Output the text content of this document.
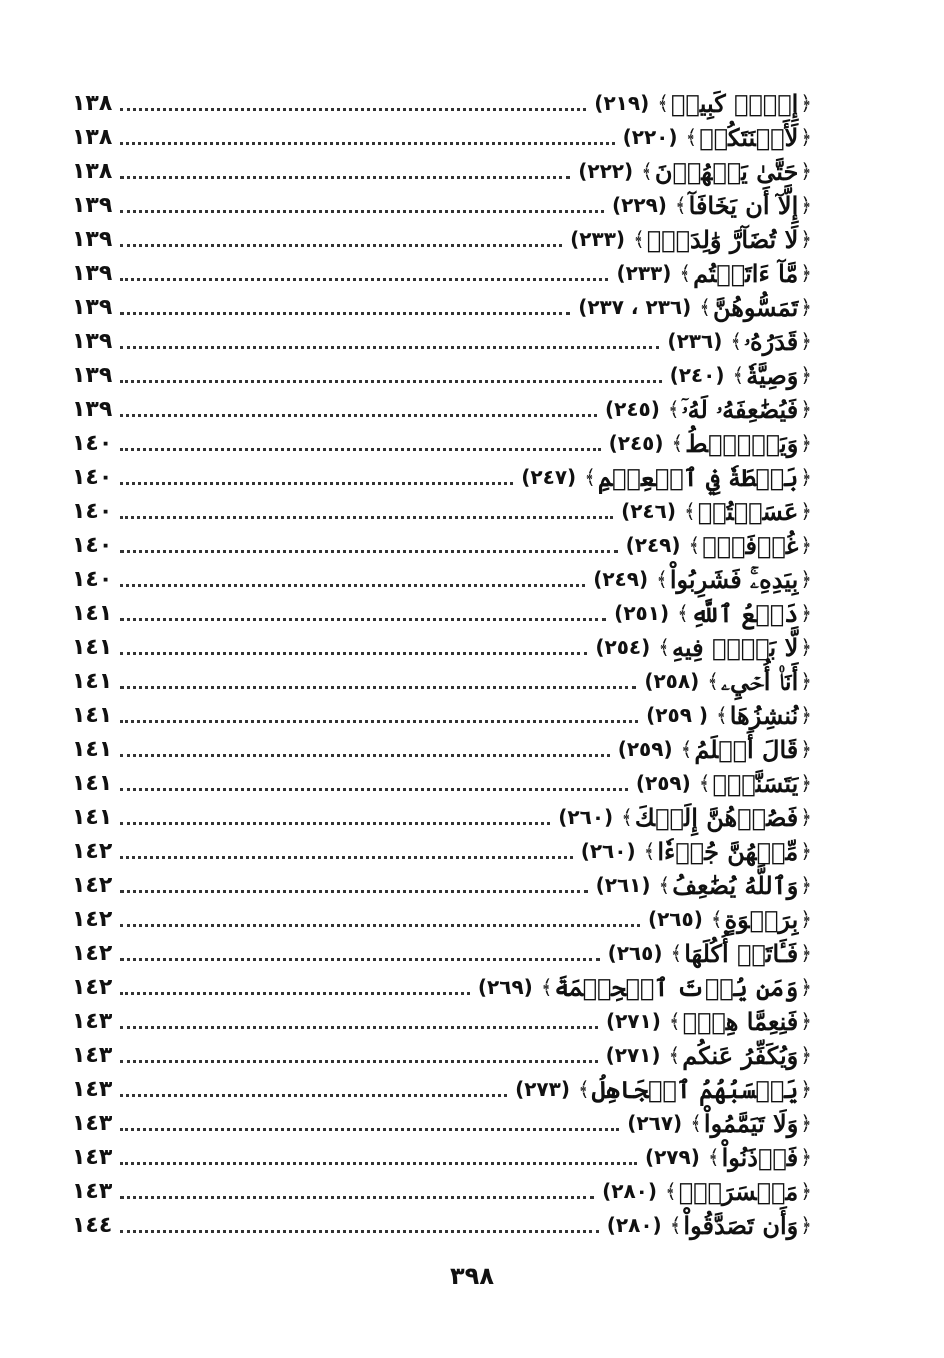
﴿
إِثۡمٞ كَبِيرٞ
﴾
(٢١٩)
١٣٨
﴿
لَأَعۡنَتَكُمۡ
﴾
(٢٢٠)
١٣٨
﴿
حَتَّىٰ يَطۡهُرۡنَ
﴾
(٢٢٢)
١٣٨
﴿
إِلَّآ أَن يَخَافَآ
﴾
(٢٢٩)
١٣٩
﴿
لَا تُضَآرَّ وَٰلِدَةُۢ
﴾
(٢٣٣)
١٣٩
﴿
مَّآ ءَاتَيۡتُم
﴾
(٢٣٣)
١٣٩
﴿
تَمَسُّوهُنَّ
﴾
(٢٣٦ ، ٢٣٧)
١٣٩
﴿
قَدَرُهُۥ
﴾
(٢٣٦)
١٣٩
﴿
وَصِيَّةٗ
﴾
(٢٤٠)
١٣٩
﴿
فَيُضَٰعِفَهُۥ لَهُۥٓ
﴾
(٢٤٥)
١٣٩
﴿
وَيَبۡصُۜطُ
﴾
(٢٤٥)
١٤٠
﴿
بَسۡطَةٗ فِي ٱلۡعِلۡمِ
﴾
(٢٤٧)
١٤٠
﴿
عَسَيۡتُمۡ
﴾
(٢٤٦)
١٤٠
﴿
غُرۡفَةَۢ
﴾
(٢٤٩)
١٤٠
﴿
بِيَدِهِۦۚ فَشَرِبُواْ
﴾
(٢٤٩)
١٤٠
﴿
دَفۡعُ ٱللَّهِ
﴾
(٢٥١)
١٤١
﴿
لَّا بَيۡعٞ فِيهِ
﴾
(٢٥٤)
١٤١
﴿
أَنَا۠ أُحۡيِۦ
﴾
(٢٥٨)
١٤١
﴿
نُنشِزُهَا
﴾
( ٢٥٩)
١٤١
﴿
قَالَ أَعۡلَمُ
﴾
(٢٥٩)
١٤١
﴿
يَتَسَنَّهۡۖ
﴾
(٢٥٩)
١٤١
﴿
فَصُرۡهُنَّ إِلَيۡكَ
﴾
(٢٦٠)
١٤١
﴿
مِّنۡهُنَّ جُزۡءٗا
﴾
(٢٦٠)
١٤٢
﴿
وَٱللَّهُ يُضَٰعِفُ
﴾
(٢٦١)
١٤٢
﴿
بِرَبۡوَةٍ
﴾
(٢٦٥)
١٤٢
﴿
فَـَٔاتَتۡ أُكُلَهَا
﴾
(٢٦٥)
١٤٢
﴿
وَمَن يُؤۡتَ ٱلۡحِكۡمَةَ
﴾
(٢٦٩)
١٤٢
﴿
فَنِعِمَّا هِيَۖ
﴾
(٢٧١)
١٤٣
﴿
وَيُكَفِّرُ عَنكُم
﴾
(٢٧١)
١٤٣
﴿
يَحۡسَبُهُمُ ٱلۡجَاهِلُ
﴾
(٢٧٣)
١٤٣
﴿
وَلَا تَيَمَّمُواْ
﴾
(٢٦٧)
١٤٣
﴿
فَأۡذَنُواْ
﴾
(٢٧٩)
١٤٣
﴿
مَيۡسَرَةٖۚ
﴾
(٢٨٠)
١٤٣
﴿
وَأَن تَصَدَّقُواْ
﴾
(٢٨٠)
١٤٤
٣٩٨
